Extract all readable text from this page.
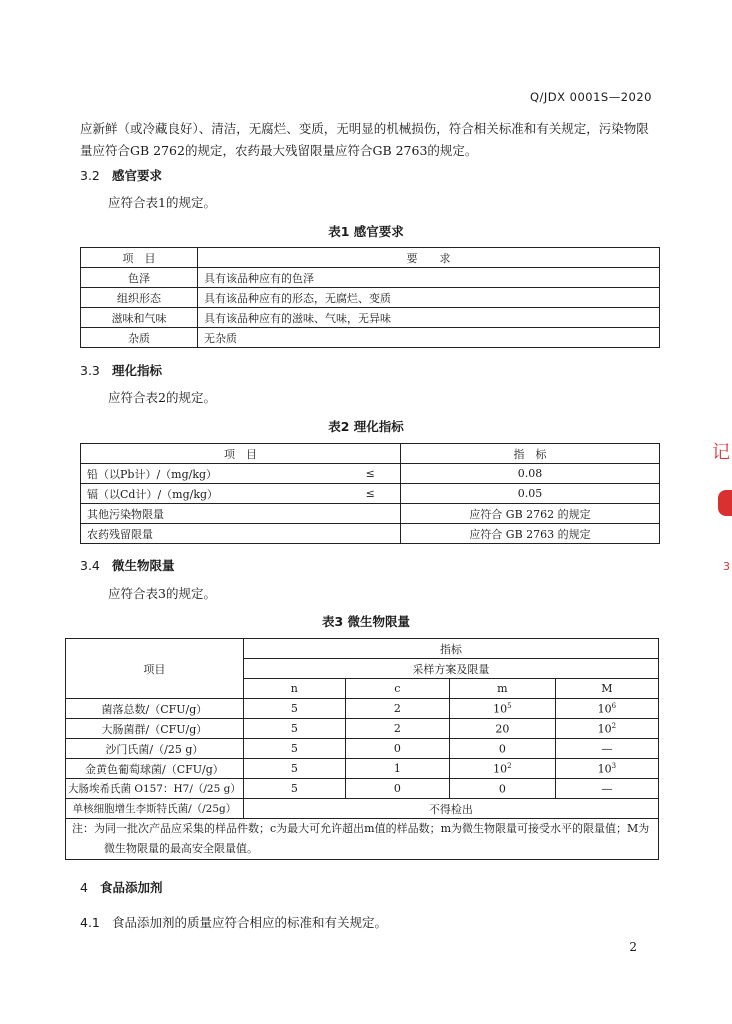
Q/JDX 0001S—2020
应新鲜（或冷藏良好）、清洁，无腐烂、变质，无明显的机械损伤，符合相关标准和有关规定，污染物限量应符合GB 2762的规定，农药最大残留限量应符合GB 2763的规定。
3.2 感官要求
应符合表1的规定。
表1 感官要求
项　目	要　　求
色泽	具有该品种应有的色泽
组织形态	具有该品种应有的形态，无腐烂、变质
滋味和气味	具有该品种应有的滋味、气味，无异味
杂质	无杂质
3.3 理化指标
应符合表2的规定。
表2 理化指标
项　目		指　标
铅（以Pb计）/（mg/kg）	≤	0.08
镉（以Cd计）/（mg/kg）	≤	0.05
其他污染物限量		应符合 GB 2762 的规定
农药残留限量		应符合 GB 2763 的规定
3.4 微生物限量
应符合表3的规定。
表3 微生物限量
项目	指标			
	采样方案及限量			
	n	c	m	M
菌落总数/（CFU/g）	5	2	$10^5$	$10^6$
大肠菌群/（CFU/g）	5	2	20	$10^2$
沙门氏菌/（/25 g）	5	0	0	—
金黄色葡萄球菌/（CFU/g）	5	1	$10^2$	$10^3$
大肠埃希氏菌 O157：H7/（/25 g）	5	0	0	—
单核细胞增生李斯特氏菌/（/25g）	不得检出			

注：为同一批次产品应采集的样品件数；c为最大可允许超出m值的样品数；m为微生物限量可接受水平的限量值；M为
微生物限量的最高安全限量值。				
4 食品添加剂
4.1 食品添加剂的质量应符合相应的标准和有关规定。
2
记
3
